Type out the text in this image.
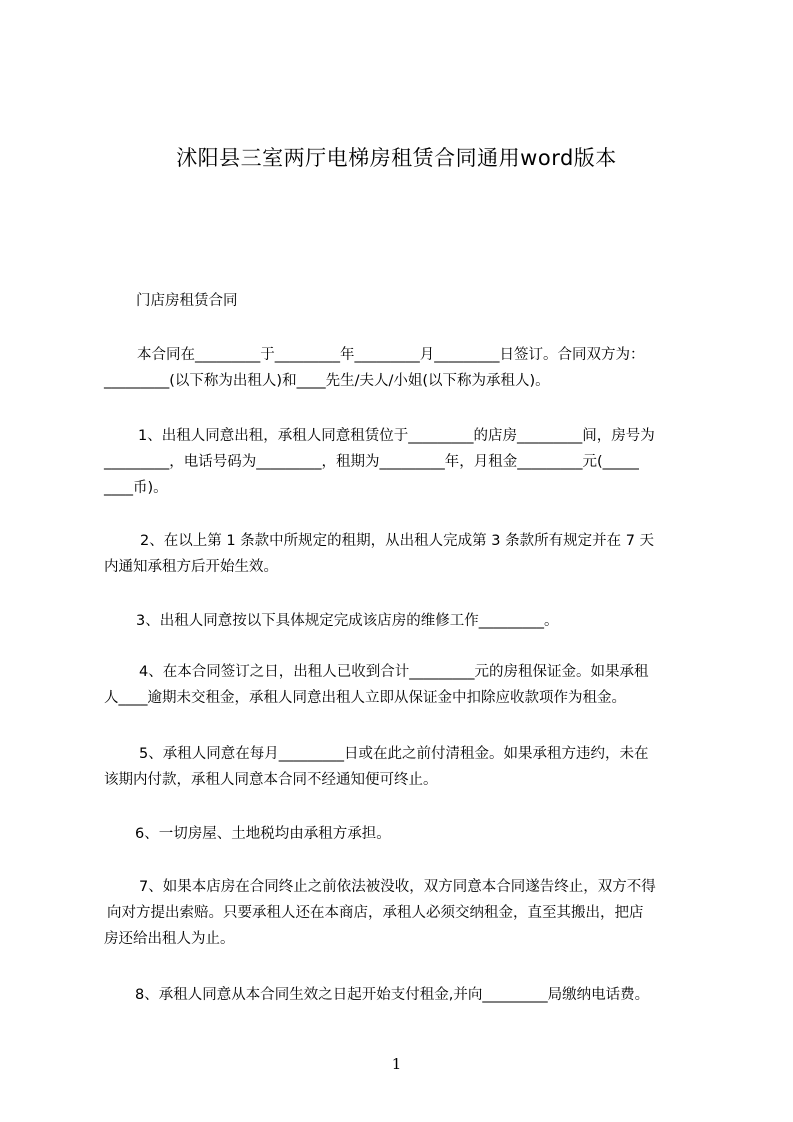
沭阳县三室两厅电梯房租赁合同通用word版本
门店房租赁合同
本合同在_________于_________年_________月_________日签订。合同双方为：
_________(以下称为出租人)和____先生/夫人/小姐(以下称为承租人)。
1、出租人同意出租，承租人同意租赁位于_________的店房_________间，房号为
_________，电话号码为_________，租期为_________年，月租金_________元(_____
____币)。
2、在以上第 1 条款中所规定的租期，从出租人完成第 3 条款所有规定并在 7 天
内通知承租方后开始生效。
3、出租人同意按以下具体规定完成该店房的维修工作_________。
4、在本合同签订之日，出租人已收到合计_________元的房租保证金。如果承租
人____逾期未交租金，承租人同意出租人立即从保证金中扣除应收款项作为租金。
5、承租人同意在每月_________日或在此之前付清租金。如果承租方违约，未在
该期内付款，承租人同意本合同不经通知便可终止。
6、一切房屋、土地税均由承租方承担。
7、如果本店房在合同终止之前依法被没收，双方同意本合同遂告终止，双方不得
向对方提出索赔。只要承租人还在本商店，承租人必须交纳租金，直至其搬出，把店
房还给出租人为止。
8、承租人同意从本合同生效之日起开始支付租金,并向_________局缴纳电话费。
1
